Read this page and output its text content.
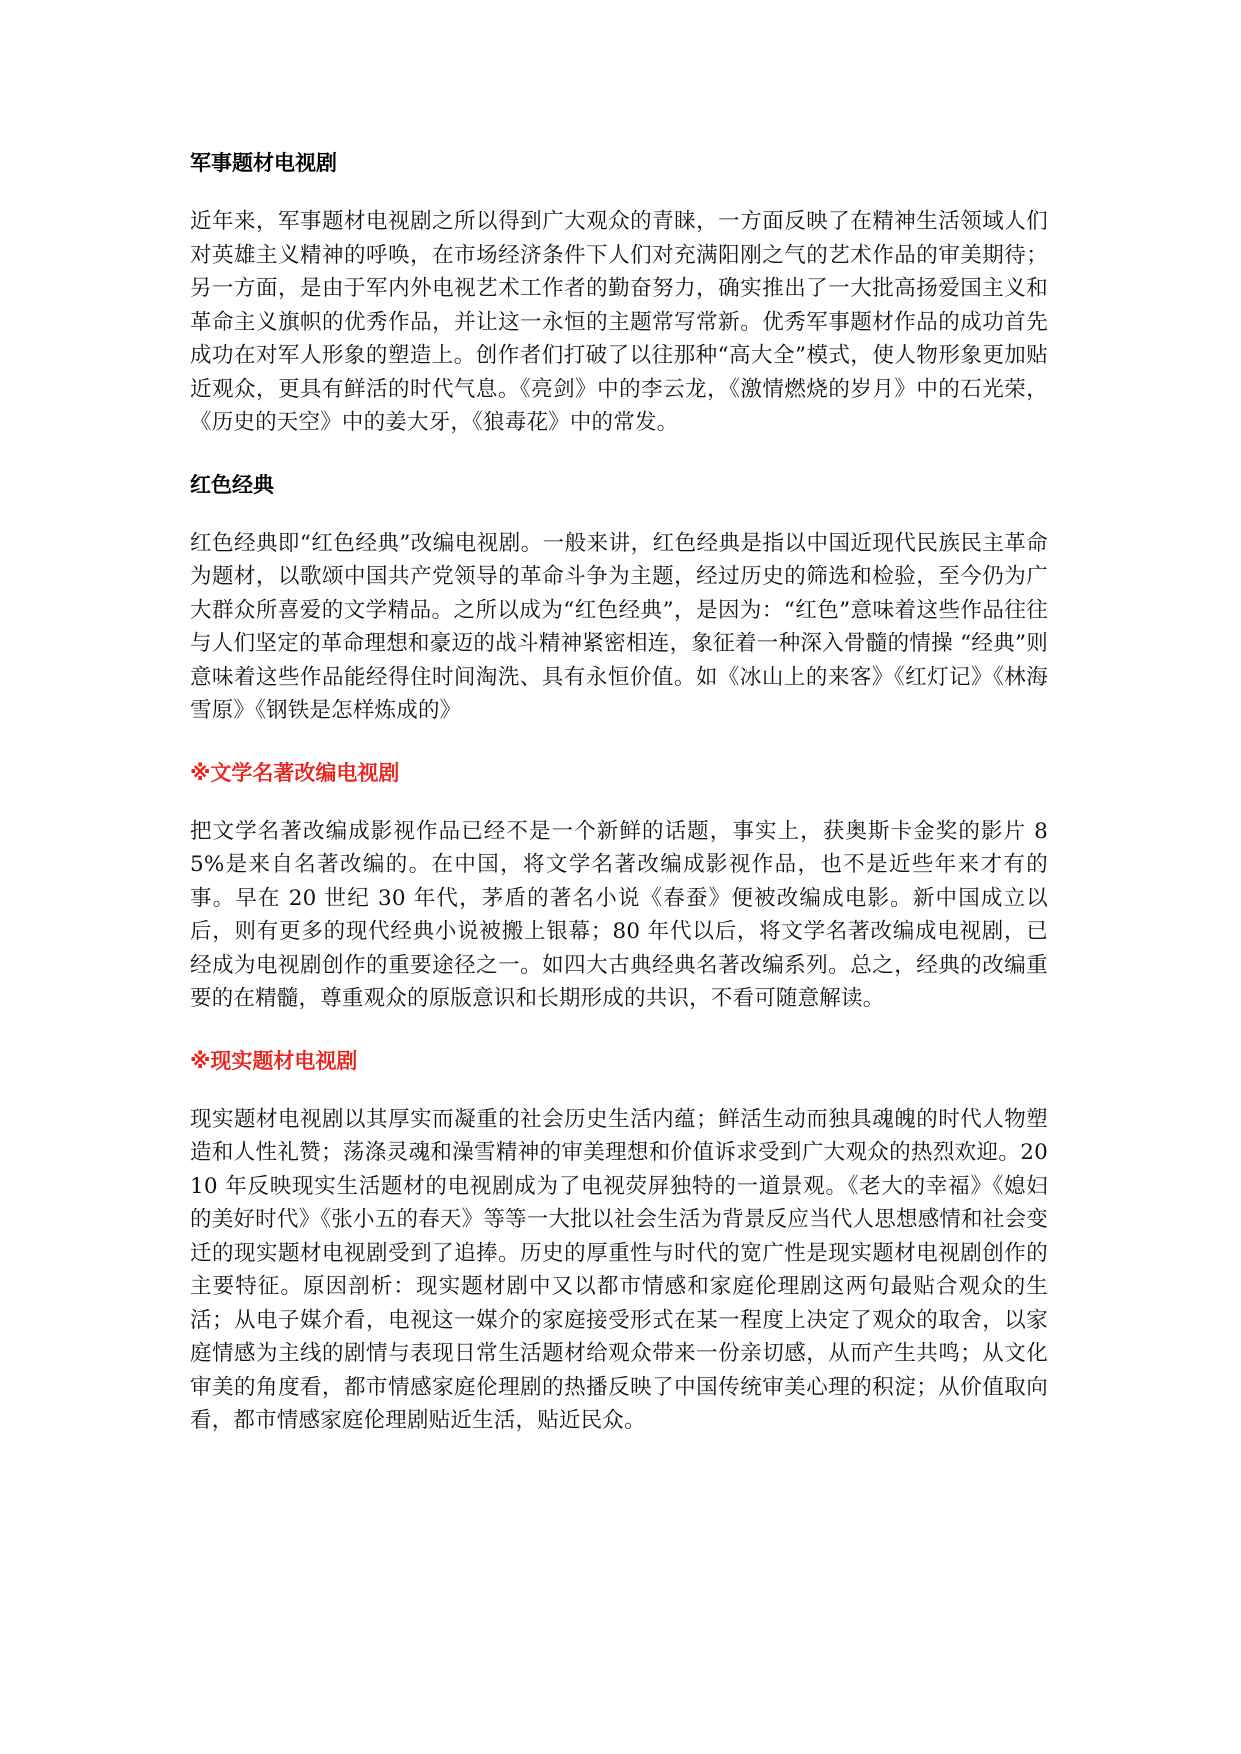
军事题材电视剧

近年来，军事题材电视剧之所以得到广大观众的青睐，一方面反映了在精神生活领域人们对英雄主义精神的呼唤，在市场经济条件下人们对充满阳刚之气的艺术作品的审美期待；另一方面，是由于军内外电视艺术工作者的勤奋努力，确实推出了一大批高扬爱国主义和革命主义旗帜的优秀作品，并让这一永恒的主题常写常新。优秀军事题材作品的成功首先成功在对军人形象的塑造上。创作者们打破了以往那种“高大全”模式，使人物形象更加贴近观众，更具有鲜活的时代气息。《亮剑》中的李云龙，《激情燃烧的岁月》中的石光荣，《历史的天空》中的姜大牙，《狼毒花》中的常发。

红色经典

红色经典即“红色经典”改编电视剧。一般来讲，红色经典是指以中国近现代民族民主革命为题材，以歌颂中国共产党领导的革命斗争为主题，经过历史的筛选和检验，至今仍为广大群众所喜爱的文学精品。之所以成为“红色经典”，是因为：“红色”意味着这些作品往往与人们坚定的革命理想和豪迈的战斗精神紧密相连，象征着一种深入骨髓的情操 “经典”则意味着这些作品能经得住时间淘洗、具有永恒价值。如《冰山上的来客》《红灯记》《林海雪原》《钢铁是怎样炼成的》

※文学名著改编电视剧

把文学名著改编成影视作品已经不是一个新鲜的话题，事实上，获奥斯卡金奖的影片 85%是来自名著改编的。在中国，将文学名著改编成影视作品，也不是近些年来才有的事。早在 20 世纪 30 年代，茅盾的著名小说《春蚕》便被改编成电影。新中国成立以后，则有更多的现代经典小说被搬上银幕；80 年代以后，将文学名著改编成电视剧，已经成为电视剧创作的重要途径之一。如四大古典经典名著改编系列。总之，经典的改编重要的在精髓，尊重观众的原版意识和长期形成的共识，不看可随意解读。

※现实题材电视剧

现实题材电视剧以其厚实而凝重的社会历史生活内蕴；鲜活生动而独具魂魄的时代人物塑造和人性礼赞；荡涤灵魂和澡雪精神的审美理想和价值诉求受到广大观众的热烈欢迎。2010 年反映现实生活题材的电视剧成为了电视荧屏独特的一道景观。《老大的幸福》《媳妇的美好时代》《张小五的春天》等等一大批以社会生活为背景反应当代人思想感情和社会变迁的现实题材电视剧受到了追捧。历史的厚重性与时代的宽广性是现实题材电视剧创作的主要特征。原因剖析：现实题材剧中又以都市情感和家庭伦理剧这两句最贴合观众的生活；从电子媒介看，电视这一媒介的家庭接受形式在某一程度上决定了观众的取舍，以家庭情感为主线的剧情与表现日常生活题材给观众带来一份亲切感，从而产生共鸣；从文化审美的角度看，都市情感家庭伦理剧的热播反映了中国传统审美心理的积淀；从价值取向看，都市情感家庭伦理剧贴近生活，贴近民众。
